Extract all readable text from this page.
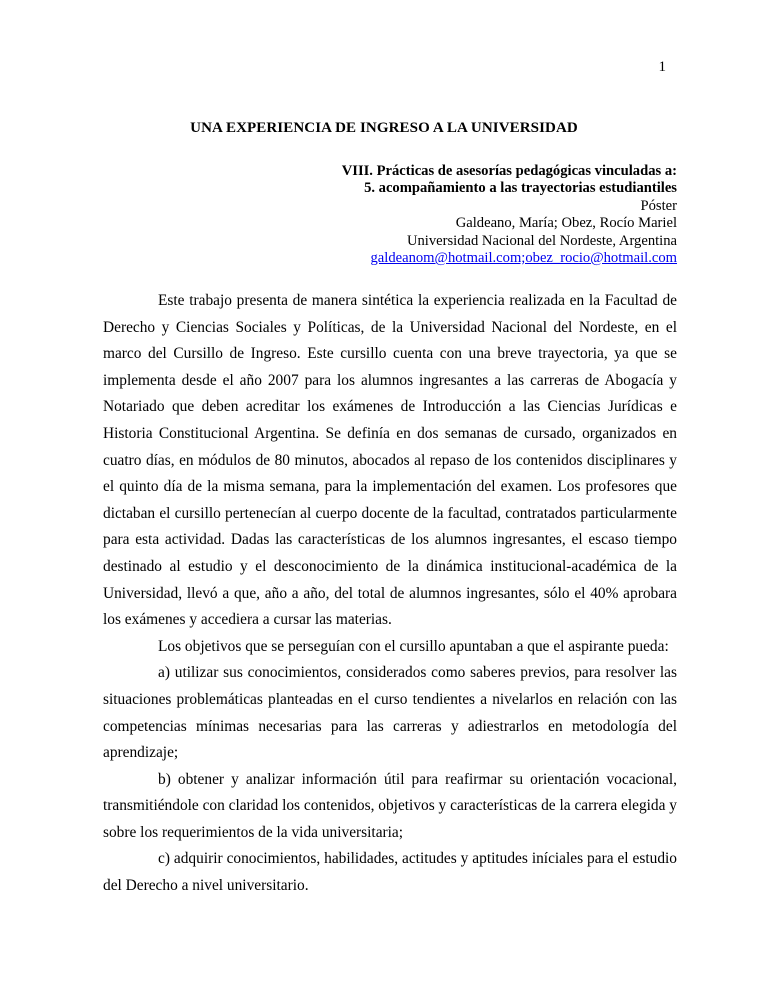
1
UNA EXPERIENCIA DE INGRESO A LA UNIVERSIDAD
VIII. Prácticas de asesorías pedagógicas vinculadas a:
5. acompañamiento a las trayectorias estudiantiles
Póster
Galdeano, María; Obez, Rocío Mariel
Universidad Nacional del Nordeste, Argentina
galdeanom@hotmail.com;obez_rocio@hotmail.com

Este trabajo presenta de manera sintética la experiencia realizada en la Facultad de Derecho y Ciencias Sociales y Políticas, de la Universidad Nacional del Nordeste, en el marco del Cursillo de Ingreso. Este cursillo cuenta con una breve trayectoria, ya que se implementa desde el año 2007 para los alumnos ingresantes a las carreras de Abogacía y Notariado que deben acreditar los exámenes de Introducción a las Ciencias Jurídicas e Historia Constitucional Argentina. Se definía en dos semanas de cursado, organizados en cuatro días, en módulos de 80 minutos, abocados al repaso de los contenidos disciplinares y el quinto día de la misma semana, para la implementación del examen. Los profesores que dictaban el cursillo pertenecían al cuerpo docente de la facultad, contratados particularmente para esta actividad. Dadas las características de los alumnos ingresantes, el escaso tiempo destinado al estudio y el desconocimiento de la dinámica institucional-académica de la Universidad, llevó a que, año a año, del total de alumnos ingresantes, sólo el 40% aprobara los exámenes y accediera a cursar las materias.

Los objetivos que se perseguían con el cursillo apuntaban a que el aspirante pueda:

a) utilizar sus conocimientos, considerados como saberes previos, para resolver las situaciones problemáticas planteadas en el curso tendientes a nivelarlos en relación con las competencias mínimas necesarias para las carreras y adiestrarlos en metodología del aprendizaje;

b) obtener y analizar información útil para reafirmar su orientación vocacional, transmitiéndole con claridad los contenidos, objetivos y características de la carrera elegida y sobre los requerimientos de la vida universitaria;

c) adquirir conocimientos, habilidades, actitudes y aptitudes iníciales para el estudio del Derecho a nivel universitario.
